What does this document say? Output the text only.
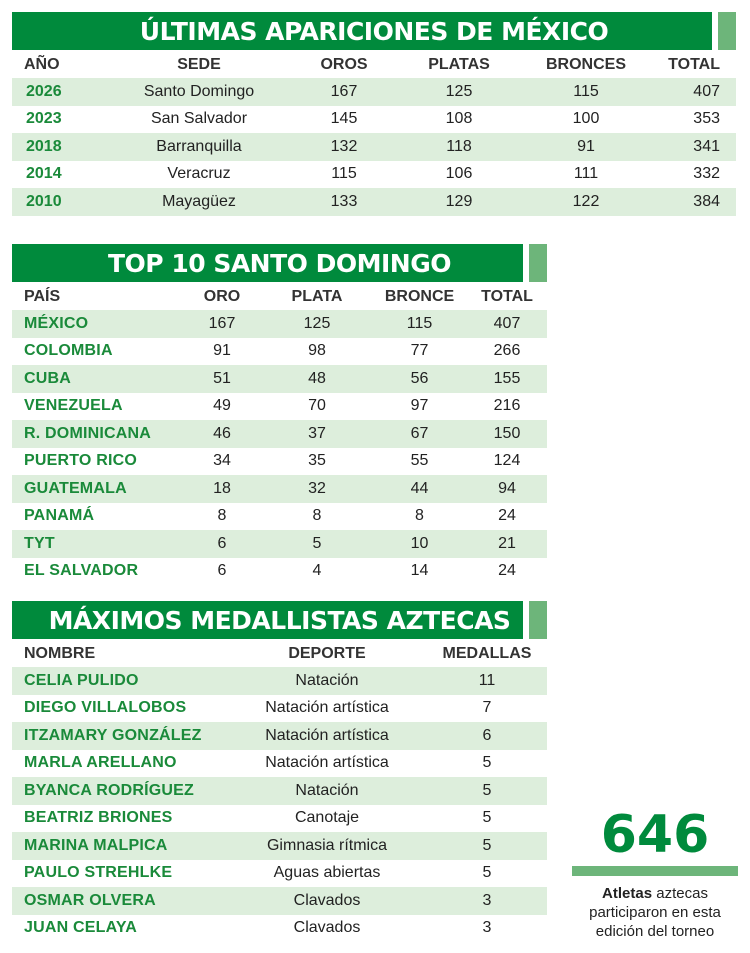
ÚLTIMAS APARICIONES DE MÉXICO
AÑO	SEDE	OROS	PLATAS	BRONCES	TOTAL
2026	Santo Domingo	167	125	115	407
2023	San Salvador	145	108	100	353
2018	Barranquilla	132	118	91	341
2014	Veracruz	115	106	111	332
2010	Mayagüez	133	129	122	384
TOP 10 SANTO DOMINGO
PAÍS	ORO	PLATA	BRONCE	TOTAL
MÉXICO	167	125	115	407
COLOMBIA	91	98	77	266
CUBA	51	48	56	155
VENEZUELA	49	70	97	216
R. DOMINICANA	46	37	67	150
PUERTO RICO	34	35	55	124
GUATEMALA	18	32	44	94
PANAMÁ	8	8	8	24
TYT	6	5	10	21
EL SALVADOR	6	4	14	24
MÁXIMOS MEDALLISTAS AZTECAS
NOMBRE	DEPORTE	MEDALLAS
CELIA PULIDO	Natación	11
DIEGO VILLALOBOS	Natación artística	7
ITZAMARY GONZÁLEZ	Natación artística	6
MARLA ARELLANO	Natación artística	5
BYANCA RODRÍGUEZ	Natación	5
BEATRIZ BRIONES	Canotaje	5
MARINA MALPICA	Gimnasia rítmica	5
PAULO STREHLKE	Aguas abiertas	5
OSMAR OLVERA	Clavados	3
JUAN CELAYA	Clavados	3
646
Atletas aztecas
participaron en esta
edición del torneo
